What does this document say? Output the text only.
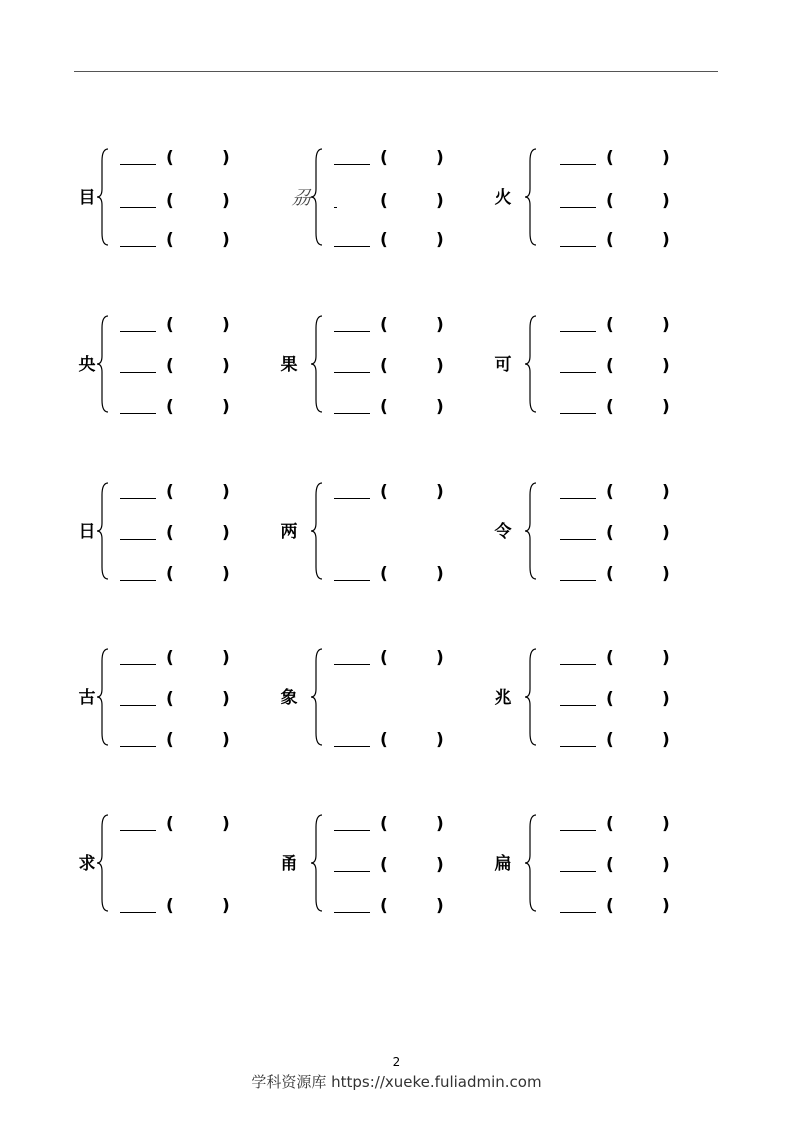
目
(	)
(	)
(	)
刕
(	)
(	)
(	)
火
(	)
(	)
(	)
央
(	)
(	)
(	)
果
(	)
(	)
(	)
可
(	)
(	)
(	)
日
(	)
(	)
(	)
两
(	)
(	)
令
(	)
(	)
(	)
古
(	)
(	)
(	)
象
(	)
(	)
兆
(	)
(	)
(	)
求
(	)
(	)
甬
(	)
(	)
(	)
扁
(	)
(	)
(	)
2
学科资源库 https://xueke.fuliadmin.com
